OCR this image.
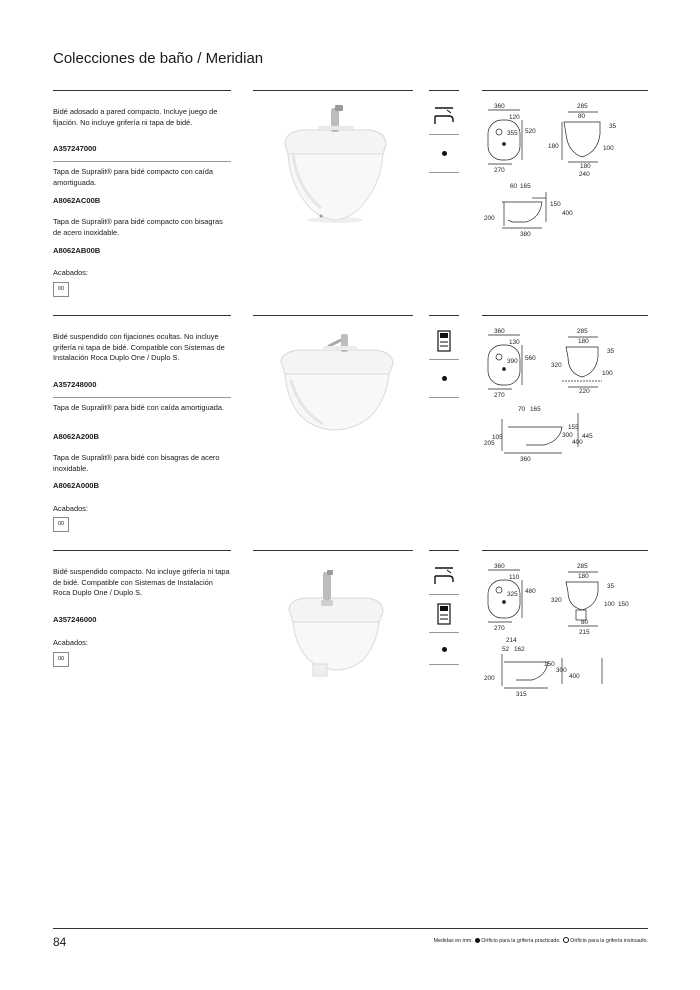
Colecciones de baño / Meridian
Bidé adosado a pared compacto. Incluye juego de fijación. No incluye grifería ni tapa de bidé.
A357247000
Tapa de Supralit® para bidé compacto con caída amortiguada.
A8062AC00B
Tapa de Supralit® para bidé compacto con bisagras de acero inoxidable.
A8062AB00B
Acabados:
00
360
120
355 520
270
285
80
35
180	100
180
240
60 165
150
400
200
380
Bidé suspendido con fijaciones ocultas. No incluye grifería ni tapa de bidé. Compatible con Sistemas de Instalación Roca Duplo One / Duplo S.
A357248000
Tapa de Supralit® para bidé con caída amortiguada.
A8062A200B
Tapa de Supralit® para bidé con bisagras de acero inoxidable.
A8062A000B
Acabados:
00
360
130
390 560
270
285
180
35
320
100
220
70 165
155
300
400
445
205
105
360
Bidé suspendido compacto. No incluye grifería ni tapa de bidé. Compatible con Sistemas de Instalación Roca Duplo One / Duplo S.
A357246000
Acabados:
00
360
110
325 480
270
285
180
35
320
100 150
80
215
214
52 162
150
300
400
200
315
84	Medidas en mm. Orificio para la grifería practicado. Orificio para la grifería insinuado.
